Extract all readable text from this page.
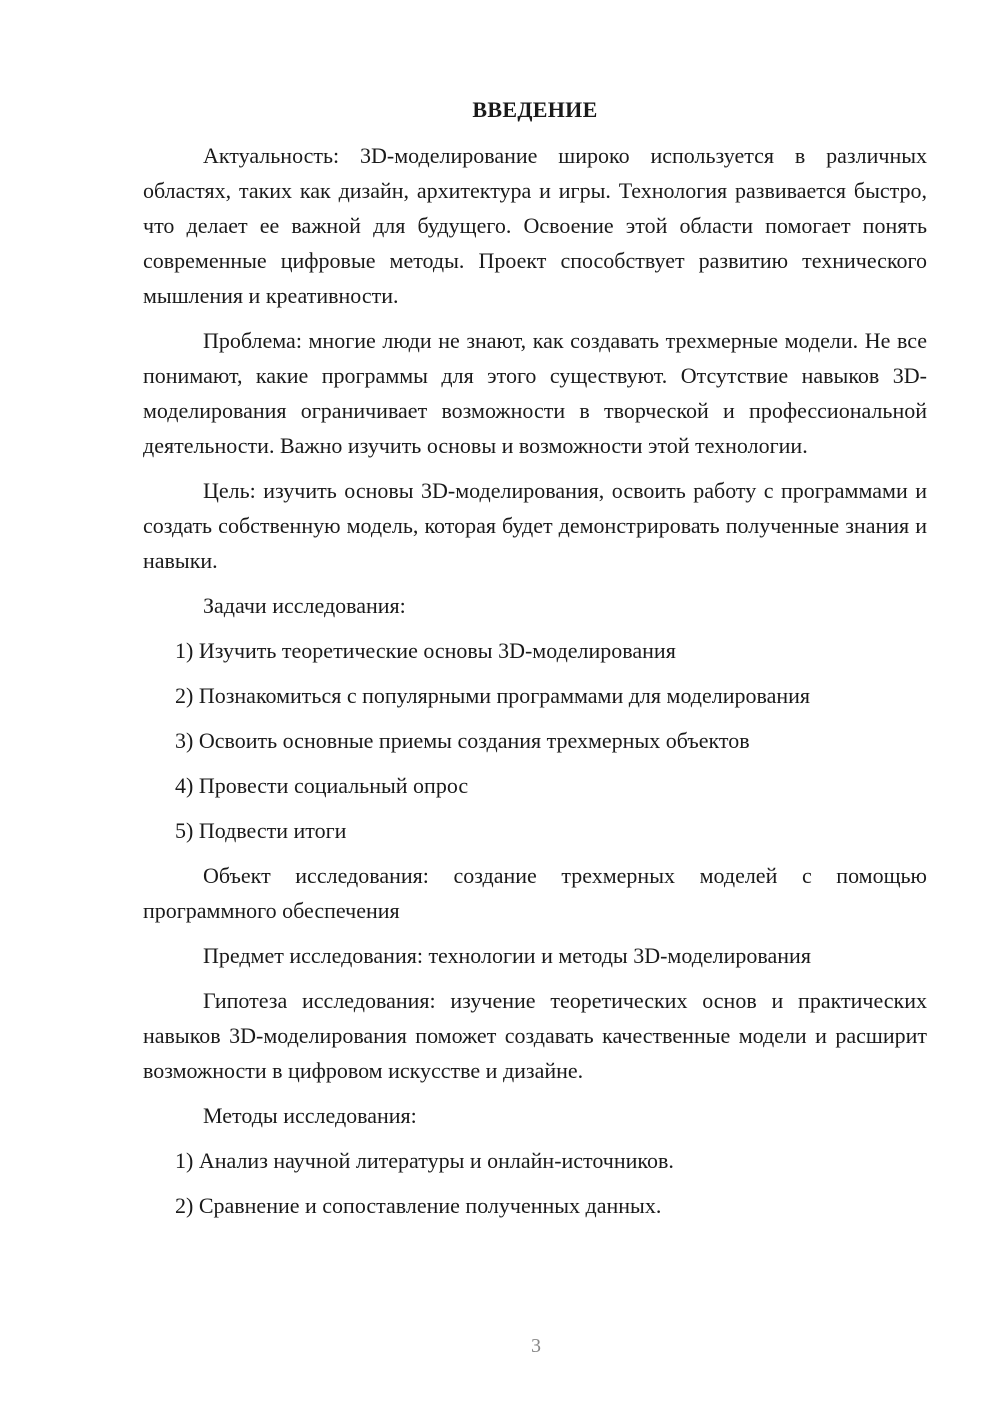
ВВЕДЕНИЕ

Актуальность: 3D-моделирование широко используется в различных областях, таких как дизайн, архитектура и игры. Технология развивается быстро, что делает ее важной для будущего. Освоение этой области помогает понять современные цифровые методы. Проект способствует развитию технического мышления и креативности.

Проблема: многие люди не знают, как создавать трехмерные модели. Не все понимают, какие программы для этого существуют. Отсутствие навыков 3D-моделирования ограничивает возможности в творческой и профессиональной деятельности. Важно изучить основы и возможности этой технологии.

Цель: изучить основы 3D-моделирования, освоить работу с программами и создать собственную модель, которая будет демонстрировать полученные знания и навыки.

Задачи исследования:
1) Изучить теоретические основы 3D-моделирования
2) Познакомиться с популярными программами для моделирования
3) Освоить основные приемы создания трехмерных объектов
4) Провести социальный опрос
5) Подвести итоги

Объект исследования: создание трехмерных моделей с помощью программного обеспечения

Предмет исследования: технологии и методы 3D-моделирования

Гипотеза исследования: изучение теоретических основ и практических навыков 3D-моделирования поможет создавать качественные модели и расширит возможности в цифровом искусстве и дизайне.

Методы исследования:
1) Анализ научной литературы и онлайн-источников.
2) Сравнение и сопоставление полученных данных.
3
